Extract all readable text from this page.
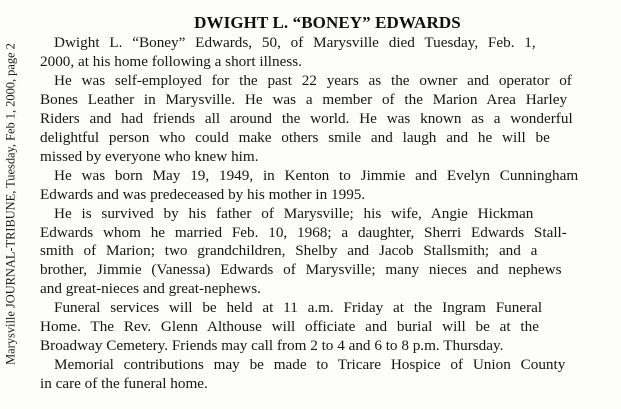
Marysville JOURNAL-TRIBUNE, Tuesday, Feb 1, 2000, page 2
DWIGHT L. “BONEY” EDWARDS
Dwight L. “Boney” Edwards, 50, of Marysville died Tuesday, Feb. 1,
2000, at his home following a short illness.
He was self-employed for the past 22 years as the owner and operator of
Bones Leather in Marysville. He was a member of the Marion Area Harley
Riders and had friends all around the world. He was known as a wonderful
delightful person who could make others smile and laugh and he will be
missed by everyone who knew him.
He was born May 19, 1949, in Kenton to Jimmie and Evelyn Cunningham
Edwards and was predeceased by his mother in 1995.
He is survived by his father of Marysville; his wife, Angie Hickman
Edwards whom he married Feb. 10, 1968; a daughter, Sherri Edwards Stall-
smith of Marion; two grandchildren, Shelby and Jacob Stallsmith; and a
brother, Jimmie (Vanessa) Edwards of Marysville; many nieces and nephews
and great-nieces and great-nephews.
Funeral services will be held at 11 a.m. Friday at the Ingram Funeral
Home. The Rev. Glenn Althouse will officiate and burial will be at the
Broadway Cemetery. Friends may call from 2 to 4 and 6 to 8 p.m. Thursday.
Memorial contributions may be made to Tricare Hospice of Union County
in care of the funeral home.
